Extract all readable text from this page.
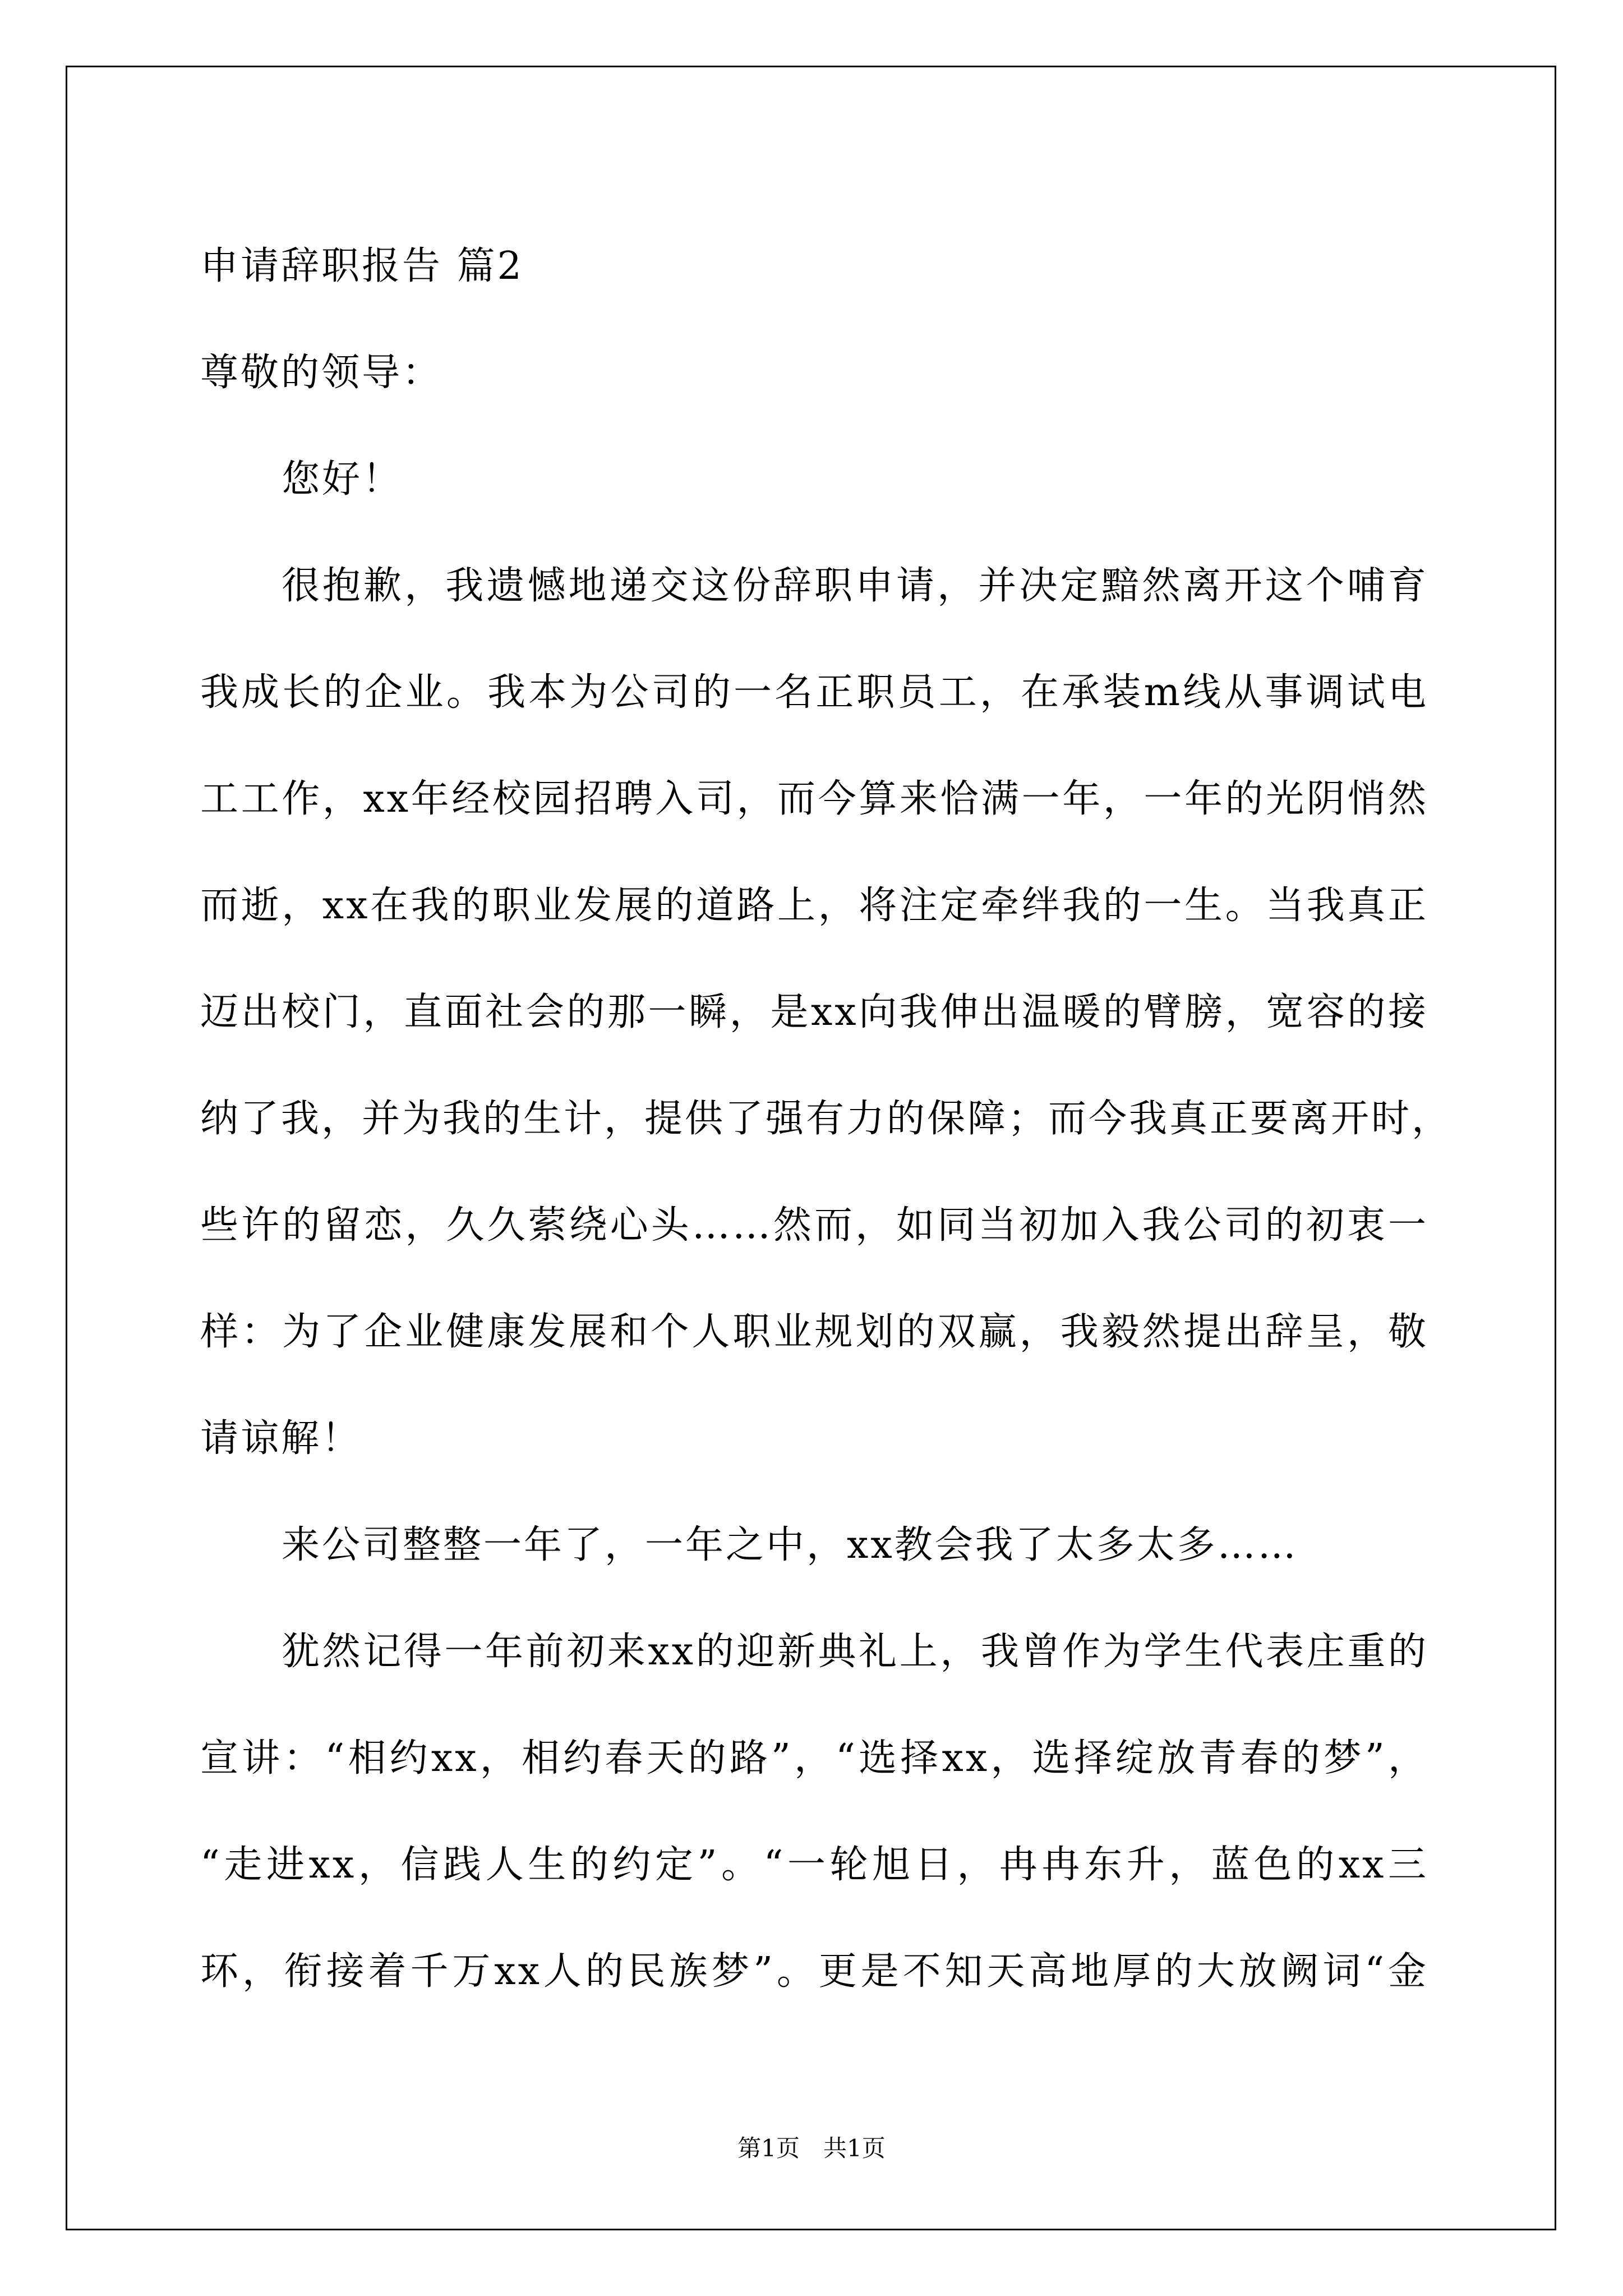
申请辞职报告 篇2
尊敬的领导：
您好！
很抱歉，我遗憾地递交这份辞职申请，并决定黯然离开这个哺育
我成长的企业。我本为公司的一名正职员工，在承装m线从事调试电
工工作，xx年经校园招聘入司，而今算来恰满一年，一年的光阴悄然
而逝，xx在我的职业发展的道路上，将注定牵绊我的一生。当我真正
迈出校门，直面社会的那一瞬，是xx向我伸出温暖的臂膀，宽容的接
纳了我，并为我的生计，提供了强有力的保障；而今我真正要离开时，
些许的留恋，久久萦绕心头……然而，如同当初加入我公司的初衷一
样：为了企业健康发展和个人职业规划的双赢，我毅然提出辞呈，敬
请谅解！
来公司整整一年了，一年之中，xx教会我了太多太多……
犹然记得一年前初来xx的迎新典礼上，我曾作为学生代表庄重的
宣讲：“相约xx，相约春天的路”，“选择xx，选择绽放青春的梦”，
“走进xx，信践人生的约定”。“一轮旭日，冉冉东升，蓝色的xx三
环，衔接着千万xx人的民族梦”。更是不知天高地厚的大放阙词“金
第1页　共1页
